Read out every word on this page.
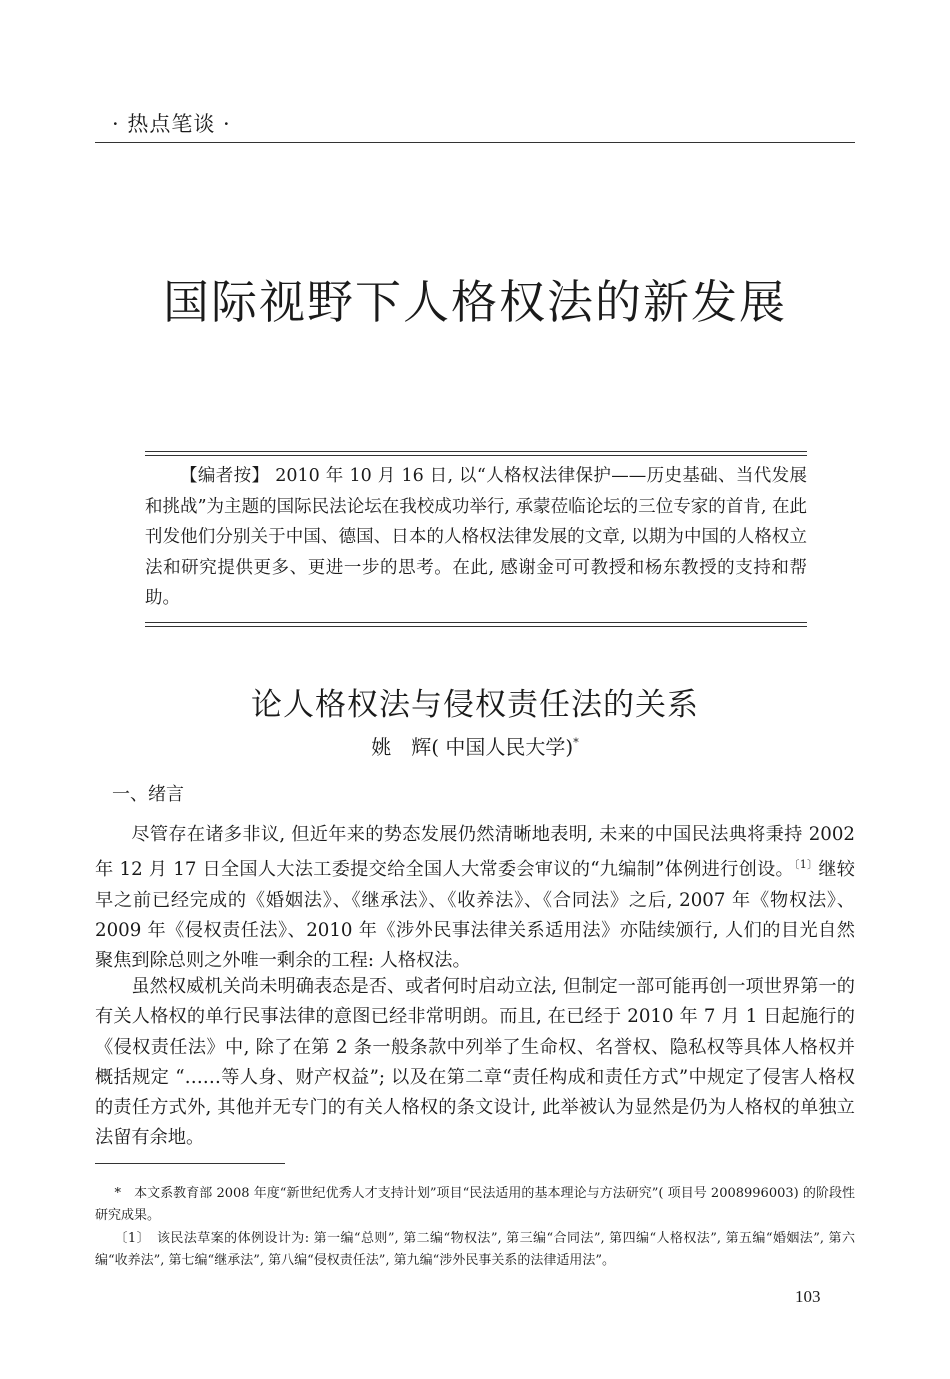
· 热点笔谈 ·
国际视野下人格权法的新发展

【编者按】 2010 年 10 月 16 日, 以“人格权法律保护——历史基础、当代发展和挑战”为主题的国际民法论坛在我校成功举行, 承蒙莅临论坛的三位专家的首肯, 在此刊发他们分别关于中国、德国、日本的人格权法律发展的文章, 以期为中国的人格权立法和研究提供更多、更进一步的思考。在此, 感谢金可可教授和杨东教授的支持和帮助。

论人格权法与侵权责任法的关系
姚　辉( 中国人民大学)*
一、绪言

尽管存在诸多非议, 但近年来的势态发展仍然清晰地表明, 未来的中国民法典将秉持 2002 年 12 月 17 日全国人大法工委提交给全国人大常委会审议的“九编制”体例进行创设。$^{〔1〕}$继较早之前已经完成的《婚姻法》、《继承法》、《收养法》、《合同法》之后, 2007 年《物权法》、2009 年《侵权责任法》、2010 年《涉外民事法律关系适用法》亦陆续颁行, 人们的目光自然聚焦到除总则之外唯一剩余的工程: 人格权法。

虽然权威机关尚未明确表态是否、或者何时启动立法, 但制定一部可能再创一项世界第一的有关人格权的单行民事法律的意图已经非常明朗。而且, 在已经于 2010 年 7 月 1 日起施行的《侵权责任法》中, 除了在第 2 条一般条款中列举了生命权、名誉权、隐私权等具体人格权并概括规定 “……等人身、财产权益”; 以及在第二章“责任构成和责任方式”中规定了侵害人格权的责任方式外, 其他并无专门的有关人格权的条文设计, 此举被认为显然是仍为人格权的单独立法留有余地。

*　 本文系教育部 2008 年度“新世纪优秀人才支持计划”项目“民法适用的基本理论与方法研究”( 项目号 2008996003) 的阶段性研究成果。

〔1〕　 该民法草案的体例设计为: 第一编“总则”, 第二编“物权法”, 第三编“合同法”, 第四编“人格权法”, 第五编“婚姻法”, 第六编“收养法”, 第七编“继承法”, 第八编“侵权责任法”, 第九编“涉外民事关系的法律适用法”。

103
